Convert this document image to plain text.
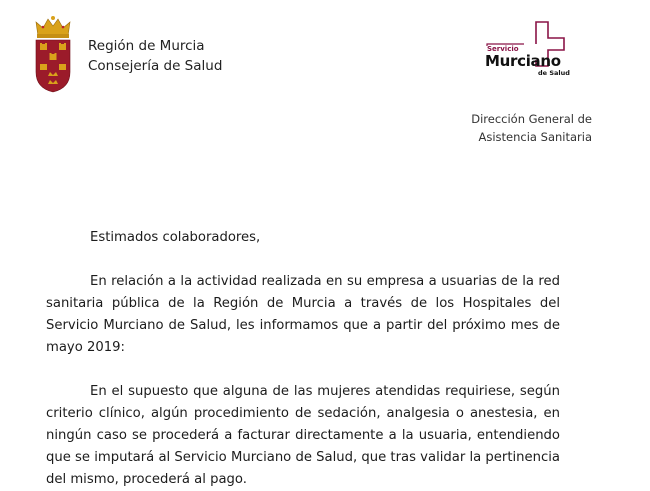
Región de Murcia
Consejería de Salud
Servicio
Murciano
de Salud
Dirección General de
Asistencia Sanitaria

Estimados colaboradores,

En relación a la actividad realizada en su empresa a usuarias de la red sanitaria pública de la Región de Murcia a través de los Hospitales del Servicio Murciano de Salud, les informamos que a partir del próximo mes de mayo 2019:

En el supuesto que alguna de las mujeres atendidas requiriese, según criterio clínico, algún procedimiento de sedación, analgesia o anestesia, en ningún caso se procederá a facturar directamente a la usuaria, entendiendo que se imputará al Servicio Murciano de Salud, que tras validar la pertinencia del mismo, procederá al pago.
